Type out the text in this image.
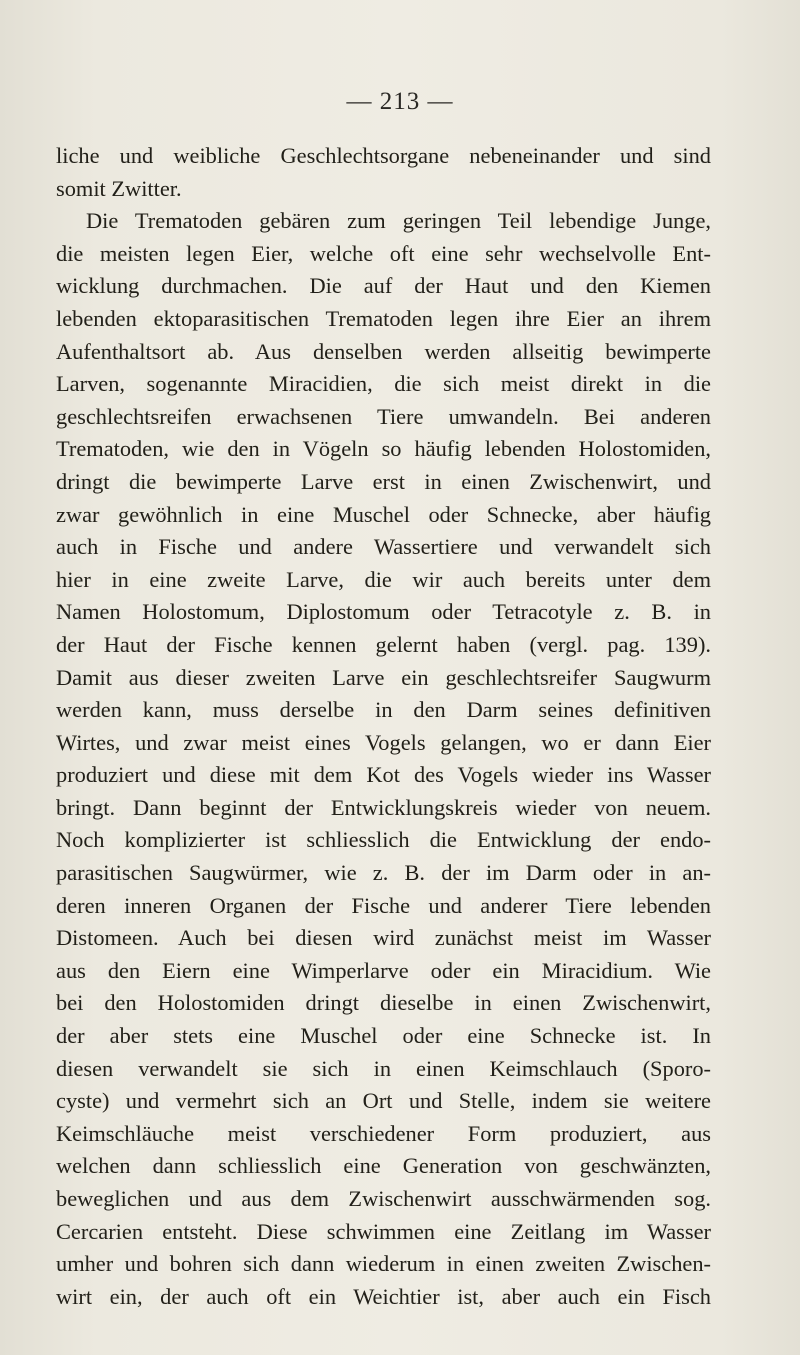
— 213 —
liche und weibliche Geschlechtsorgane nebeneinander und sind
somit Zwitter.
Die Trematoden gebären zum geringen Teil lebendige Junge,
die meisten legen Eier, welche oft eine sehr wechselvolle Ent-
wicklung durchmachen. Die auf der Haut und den Kiemen
lebenden ektoparasitischen Trematoden legen ihre Eier an ihrem
Aufenthaltsort ab. Aus denselben werden allseitig bewimperte
Larven, sogenannte Miracidien, die sich meist direkt in die
geschlechtsreifen erwachsenen Tiere umwandeln. Bei anderen
Trematoden, wie den in Vögeln so häufig lebenden Holostomiden,
dringt die bewimperte Larve erst in einen Zwischenwirt, und
zwar gewöhnlich in eine Muschel oder Schnecke, aber häufig
auch in Fische und andere Wassertiere und verwandelt sich
hier in eine zweite Larve, die wir auch bereits unter dem
Namen Holostomum, Diplostomum oder Tetracotyle z. B. in
der Haut der Fische kennen gelernt haben (vergl. pag. 139).
Damit aus dieser zweiten Larve ein geschlechtsreifer Saugwurm
werden kann, muss derselbe in den Darm seines definitiven
Wirtes, und zwar meist eines Vogels gelangen, wo er dann Eier
produziert und diese mit dem Kot des Vogels wieder ins Wasser
bringt. Dann beginnt der Entwicklungskreis wieder von neuem.
Noch komplizierter ist schliesslich die Entwicklung der endo-
parasitischen Saugwürmer, wie z. B. der im Darm oder in an-
deren inneren Organen der Fische und anderer Tiere lebenden
Distomeen. Auch bei diesen wird zunächst meist im Wasser
aus den Eiern eine Wimperlarve oder ein Miracidium. Wie
bei den Holostomiden dringt dieselbe in einen Zwischenwirt,
der aber stets eine Muschel oder eine Schnecke ist. In
diesen verwandelt sie sich in einen Keimschlauch (Sporo-
cyste) und vermehrt sich an Ort und Stelle, indem sie weitere
Keimschläuche meist verschiedener Form produziert, aus
welchen dann schliesslich eine Generation von geschwänzten,
beweglichen und aus dem Zwischenwirt ausschwärmenden sog.
Cercarien entsteht. Diese schwimmen eine Zeitlang im Wasser
umher und bohren sich dann wiederum in einen zweiten Zwischen-
wirt ein, der auch oft ein Weichtier ist, aber auch ein Fisch
